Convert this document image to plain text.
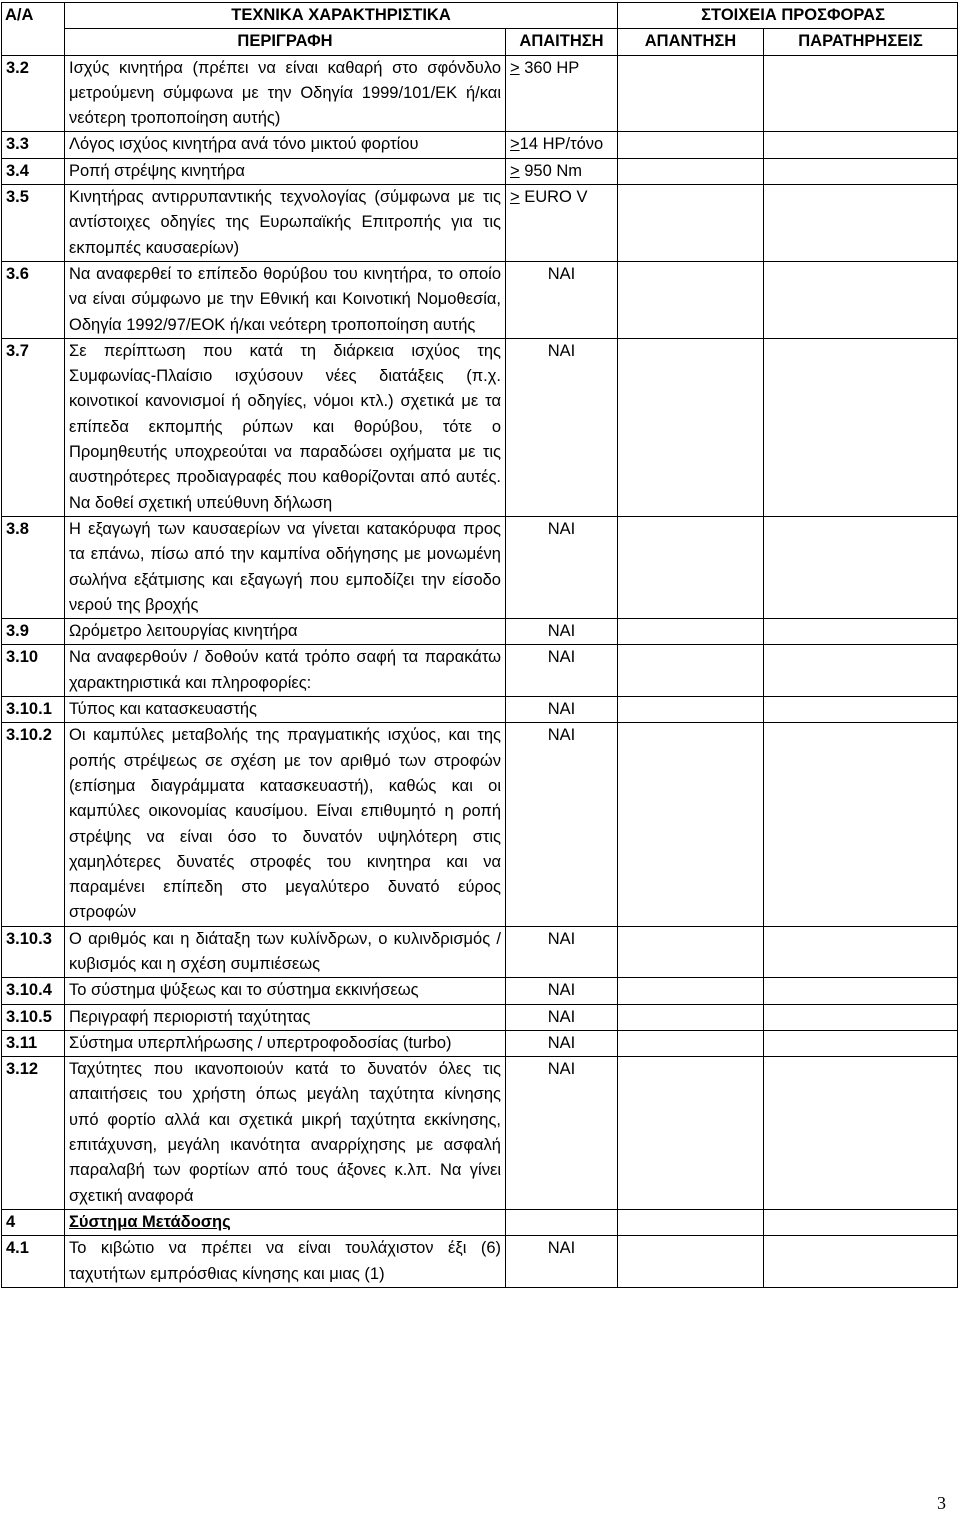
Α/Α	ΤΕΧΝΙΚΑ ΧΑΡΑΚΤΗΡΙΣΤΙΚΑ		ΣΤΟΙΧΕΙΑ ΠΡΟΣΦΟΡΑΣ	
	ΠΕΡΙΓΡΑΦΗ	ΑΠΑΙΤΗΣΗ	ΑΠΑΝΤΗΣΗ	ΠΑΡΑΤΗΡΗΣΕΙΣ
3.2	Ισχύς κινητήρα (πρέπει να είναι καθαρή στο σφόνδυλο μετρούμενη σύμφωνα με την Οδηγία 1999/101/ΕΚ ή/και νεότερη τροποποίηση αυτής)	> 360 HP		
3.3	Λόγος ισχύος κινητήρα ανά τόνο μικτού φορτίου	>14 HP/τόνο		
3.4	Ροπή στρέψης κινητήρα	> 950 Nm		
3.5	Κινητήρας αντιρρυπαντικής τεχνολογίας (σύμφωνα με τις αντίστοιχες οδηγίες της Ευρωπαϊκής Επιτροπής για τις εκπομπές καυσαερίων)	> EURO V		
3.6	Να αναφερθεί το επίπεδο θορύβου του κινητήρα, το οποίο να είναι σύμφωνο με την Εθνική και Κοινοτική Νομοθεσία, Οδηγία 1992/97/ΕΟΚ ή/και νεότερη τροποποίηση αυτής	ΝΑΙ		
3.7	Σε περίπτωση που κατά τη διάρκεια ισχύος της Συμφωνίας-Πλαίσιο ισχύσουν νέες διατάξεις (π.χ. κοινοτικοί κανονισμοί ή οδηγίες, νόμοι κτλ.) σχετικά με τα επίπεδα εκπομπής ρύπων και θορύβου, τότε ο Προμηθευτής υποχρεούται να παραδώσει οχήματα με τις αυστηρότερες προδιαγραφές που καθορίζονται από αυτές. Να δοθεί σχετική υπεύθυνη δήλωση	ΝΑΙ		
3.8	Η εξαγωγή των καυσαερίων να γίνεται κατακόρυφα προς τα επάνω, πίσω από την καμπίνα οδήγησης με μονωμένη σωλήνα εξάτμισης και εξαγωγή που εμποδίζει την είσοδο νερού της βροχής	ΝΑΙ		
3.9	Ωρόμετρο λειτουργίας κινητήρα	ΝΑΙ		
3.10	Να αναφερθούν / δοθούν κατά τρόπο σαφή τα παρακάτω χαρακτηριστικά και πληροφορίες:	ΝΑΙ		
3.10.1	Τύπος και κατασκευαστής	ΝΑΙ		
3.10.2	Οι καμπύλες μεταβολής της πραγματικής ισχύος, και της ροπής στρέψεως σε σχέση με τον αριθμό των στροφών (επίσημα διαγράμματα κατασκευαστή), καθώς και οι καμπύλες οικονομίας καυσίμου. Είναι επιθυμητό η ροπή στρέψης να είναι όσο το δυνατόν υψηλότερη στις χαμηλότερες δυνατές στροφές του κινητηρα και να παραμένει επίπεδη στο μεγαλύτερο δυνατό εύρος στροφών	ΝΑΙ		
3.10.3	Ο αριθμός και η διάταξη των κυλίνδρων, ο κυλινδρισμός / κυβισμός και η σχέση συμπιέσεως	ΝΑΙ		
3.10.4	Το σύστημα ψύξεως και το σύστημα εκκινήσεως	ΝΑΙ		
3.10.5	Περιγραφή περιοριστή ταχύτητας	ΝΑΙ		
3.11	Σύστημα υπερπλήρωσης / υπερτροφοδοσίας (turbo)	ΝΑΙ		
3.12	Ταχύτητες που ικανοποιούν κατά το δυνατόν όλες τις απαιτήσεις του χρήστη όπως μεγάλη ταχύτητα κίνησης υπό φορτίο αλλά και σχετικά μικρή ταχύτητα εκκίνησης, επιτάχυνση, μεγάλη ικανότητα αναρρίχησης με ασφαλή παραλαβή των φορτίων από τους άξονες κ.λπ. Να γίνει σχετική αναφορά	ΝΑΙ		
4	Σύστημα Μετάδοσης			
4.1	Το κιβώτιο να πρέπει να είναι τουλάχιστον έξι (6) ταχυτήτων εμπρόσθιας κίνησης και μιας (1)	ΝΑΙ		
3
